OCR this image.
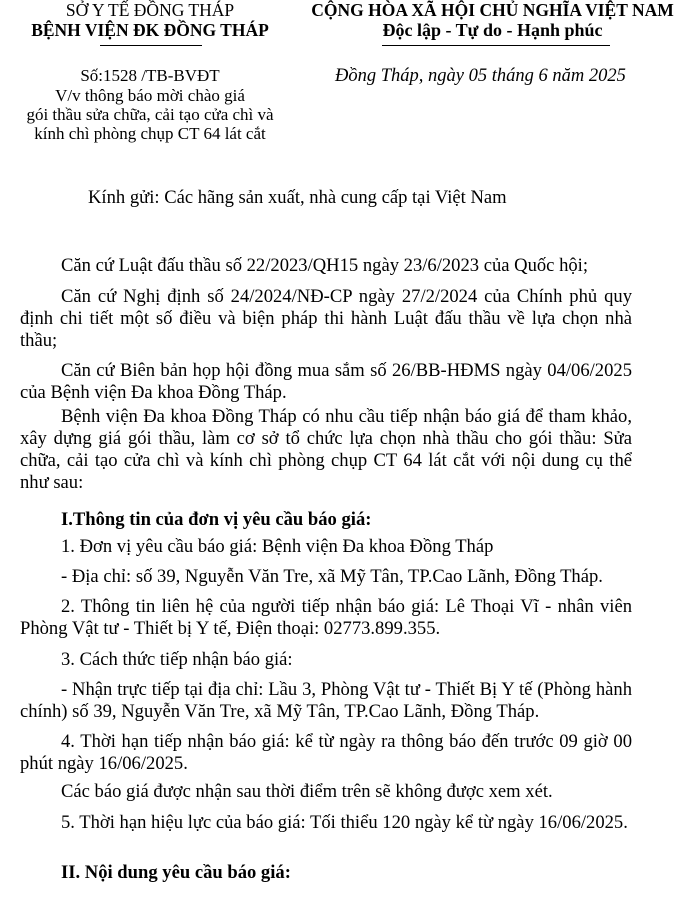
SỞ Y TẾ ĐỒNG THÁP
BỆNH VIỆN ĐK ĐỒNG THÁP
CỘNG HÒA XÃ HỘI CHỦ NGHĨA VIỆT NAM
Độc lập - Tự do - Hạnh phúc
Số:1528 /TB-BVĐT
V/v thông báo mời chào giá
gói thầu sửa chữa, cải tạo cửa chì và
kính chì phòng chụp CT 64 lát cắt
Đồng Tháp, ngày 05 tháng 6 năm 2025
Kính gửi: Các hãng sản xuất, nhà cung cấp tại Việt Nam
Căn cứ Luật đấu thầu số 22/2023/QH15 ngày 23/6/2023 của Quốc hội;
Căn cứ Nghị định số 24/2024/NĐ-CP ngày 27/2/2024 của Chính phủ quy định chi tiết một số điều và biện pháp thi hành Luật đấu thầu về lựa chọn nhà thầu;
Căn cứ Biên bản họp hội đồng mua sắm số 26/BB-HĐMS ngày 04/06/2025 của Bệnh viện Đa khoa Đồng Tháp.
Bệnh viện Đa khoa Đồng Tháp có nhu cầu tiếp nhận báo giá để tham khảo, xây dựng giá gói thầu, làm cơ sở tổ chức lựa chọn nhà thầu cho gói thầu: Sửa chữa, cải tạo cửa chì và kính chì phòng chụp CT 64 lát cắt với nội dung cụ thể như sau:
I.Thông tin của đơn vị yêu cầu báo giá:
1. Đơn vị yêu cầu báo giá: Bệnh viện Đa khoa Đồng Tháp
- Địa chỉ: số 39, Nguyễn Văn Tre, xã Mỹ Tân, TP.Cao Lãnh, Đồng Tháp.
2. Thông tin liên hệ của người tiếp nhận báo giá: Lê Thoại Vĩ - nhân viên Phòng Vật tư - Thiết bị Y tế, Điện thoại: 02773.899.355.
3. Cách thức tiếp nhận báo giá:
- Nhận trực tiếp tại địa chỉ: Lầu 3, Phòng Vật tư - Thiết Bị Y tế (Phòng hành chính) số 39, Nguyễn Văn Tre, xã Mỹ Tân, TP.Cao Lãnh, Đồng Tháp.
4. Thời hạn tiếp nhận báo giá: kể từ ngày ra thông báo đến trước 09 giờ 00 phút ngày 16/06/2025.
Các báo giá được nhận sau thời điểm trên sẽ không được xem xét.
5. Thời hạn hiệu lực của báo giá: Tối thiểu 120 ngày kể từ ngày 16/06/2025.
II. Nội dung yêu cầu báo giá:
